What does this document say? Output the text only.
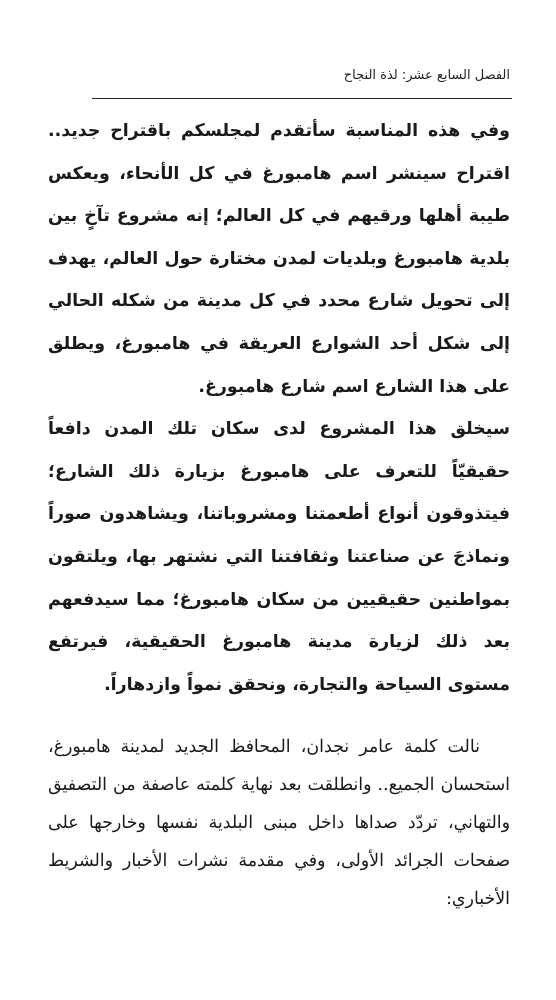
الفصل السابع عشر: لذة النجاح

وفي هذه المناسبة سأتقدم لمجلسكم باقتراح جديد.. اقتراح سينشر اسم هامبورغ في كل الأنحاء، ويعكس طيبة أهلها ورقيهم في كل العالم؛ إنه مشروع تآخٍ بين بلدية هامبورغ وبلديات لمدن مختارة حول العالم، يهدف إلى تحويل شارع محدد في كل مدينة من شكله الحالي إلى شكل أحد الشوارع العريقة في هامبورغ، ويطلق على هذا الشارع اسم شارع هامبورغ.

سيخلق هذا المشروع لدى سكان تلك المدن دافعاً حقيقيّاً للتعرف على هامبورغ بزيارة ذلك الشارع؛ فيتذوقون أنواع أطعمتنا ومشروباتنا، ويشاهدون صوراً ونماذجَ عن صناعتنا وثقافتنا التي نشتهر بها، ويلتقون بمواطنين حقيقيين من سكان هامبورغ؛ مما سيدفعهم بعد ذلك لزيارة مدينة هامبورغ الحقيقية، فيرتفع مستوى السياحة والتجارة، ونحقق نمواً وازدهاراً.

نالت كلمة عامر نجدان، المحافظ الجديد لمدينة هامبورغ، استحسان الجميع.. وانطلقت بعد نهاية كلمته عاصفة من التصفيق والتهاني، تردّد صداها داخل مبنى البلدية نفسها وخارجها على صفحات الجرائد الأولى، وفي مقدمة نشرات الأخبار والشريط الأخباري:
